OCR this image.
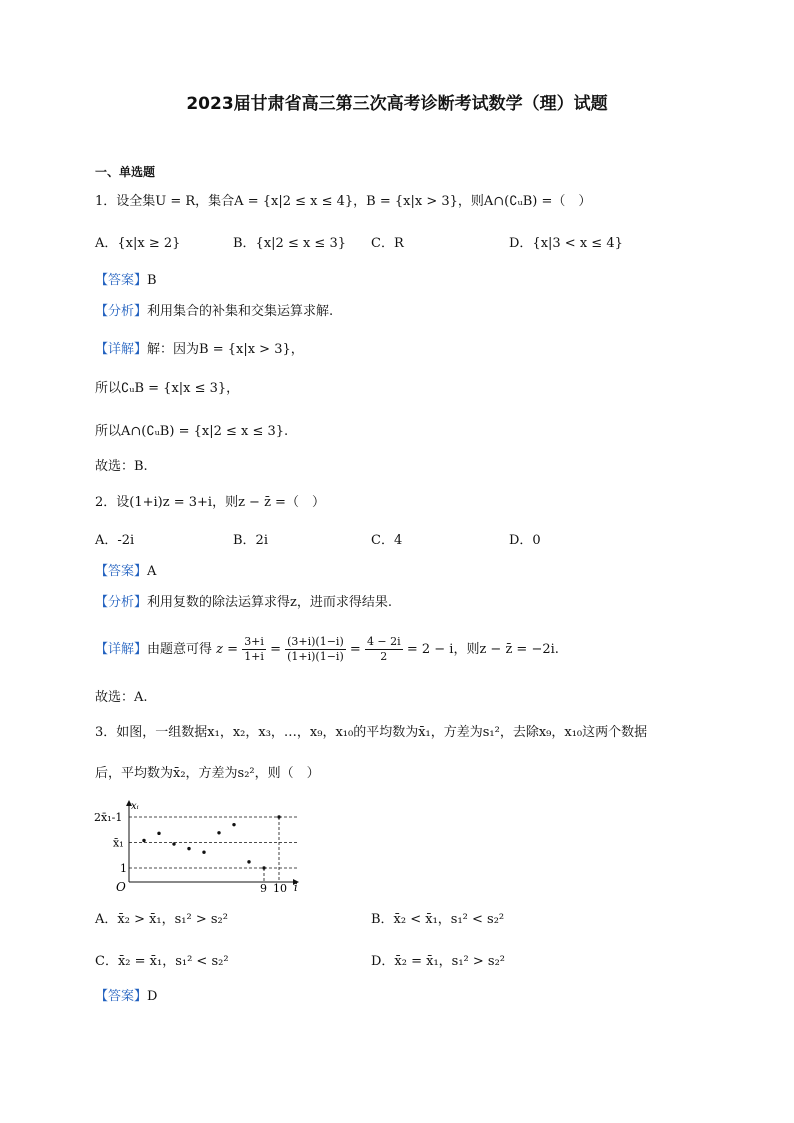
2023届甘肃省高三第三次高考诊断考试数学（理）试题
一、单选题
1．设全集U = R，集合A = {x|2 ≤ x ≤ 4}，B = {x|x > 3}，则A∩(∁ᵤB) =（　）
A．{x|x ≥ 2}	B．{x|2 ≤ x ≤ 3} C．R	D．{x|3 < x ≤ 4}
【答案】B
【分析】利用集合的补集和交集运算求解.
【详解】解：因为B = {x|x > 3}，
所以∁ᵤB = {x|x ≤ 3}，
所以A∩(∁ᵤB) = {x|2 ≤ x ≤ 3}.
故选：B.
2．设(1+i)z = 3+i，则z − z̄ =（　）
A．-2i	B．2i	C．4	D．0
【答案】A
【分析】利用复数的除法运算求得z，进而求得结果.
【详解】由题意可得 $z = \frac{3+i}{1+i} = \frac{(3+i)(1-i)}{(1+i)(1-i)} = \frac{4 - 2i}{2} = 2 - i$，则z − z̄ = −2i.
故选：A.
3．如图，一组数据x₁，x₂，x₃，…，x₉，x₁₀的平均数为x̄₁，方差为s₁²，去除x₉，x₁₀这两个数据
后，平均数为x̄₂，方差为s₂²，则（　）
xᵢ
i
O
2x̄₁-1
x̄₁
1
9 10
A．x̄₂ > x̄₁，s₁² > s₂²	B．x̄₂ < x̄₁，s₁² < s₂²
C．x̄₂ = x̄₁，s₁² < s₂²	D．x̄₂ = x̄₁，s₁² > s₂²
【答案】D
